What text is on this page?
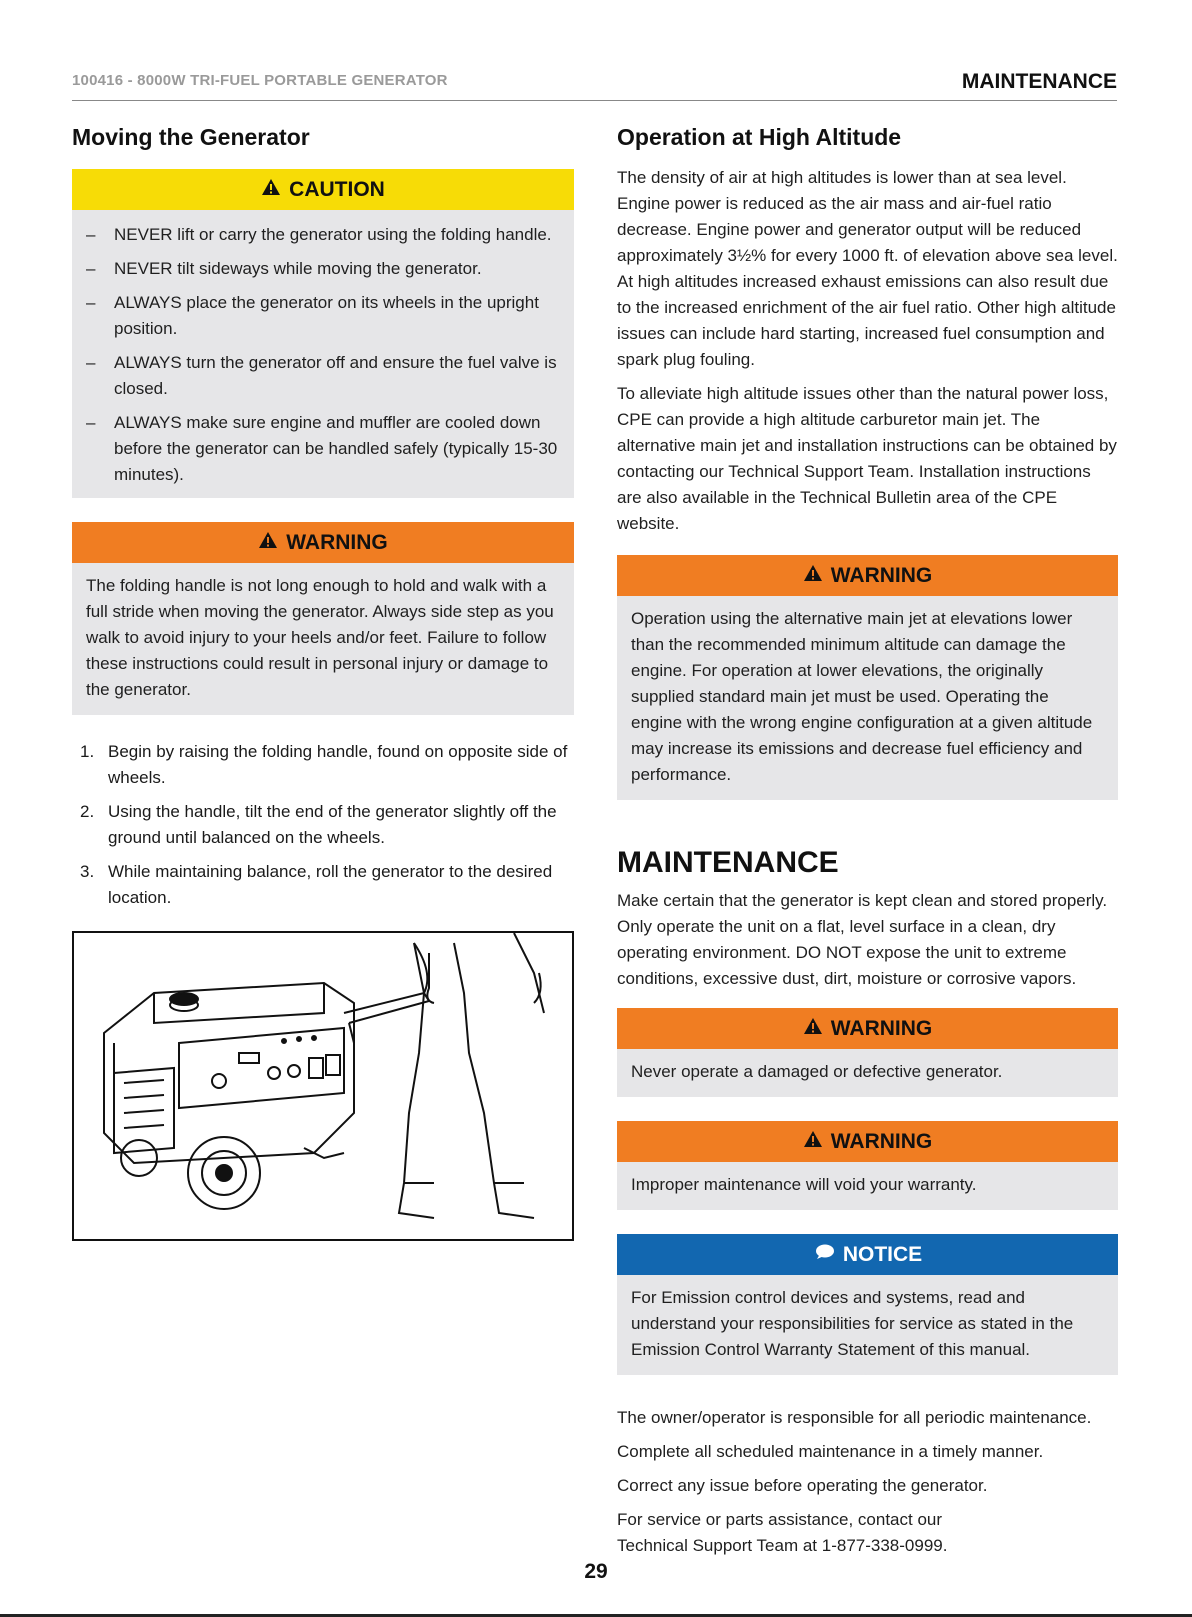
100416 - 8000W TRI-FUEL PORTABLE GENERATOR	MAINTENANCE
Moving the Generator
CAUTION
– NEVER lift or carry the generator using the folding handle.
– NEVER tilt sideways while moving the generator.
– ALWAYS place the generator on its wheels in the upright position.
– ALWAYS turn the generator off and ensure the fuel valve is closed.
– ALWAYS make sure engine and muffler are cooled down before the generator can be handled safely (typically 15-30 minutes).
WARNING
The folding handle is not long enough to hold and walk with a full stride when moving the generator. Always side step as you walk to avoid injury to your heels and/or feet. Failure to follow these instructions could result in personal injury or damage to the generator.
1. Begin by raising the folding handle, found on opposite side of wheels.
2. Using the handle, tilt the end of the generator slightly off the ground until balanced on the wheels.
3. While maintaining balance, roll the generator to the desired location.
Operation at High Altitude

The density of air at high altitudes is lower than at sea level. Engine power is reduced as the air mass and air-fuel ratio decrease. Engine power and generator output will be reduced approximately 3½% for every 1000 ft. of elevation above sea level. At high altitudes increased exhaust emissions can also result due to the increased enrichment of the air fuel ratio. Other high altitude issues can include hard starting, increased fuel consumption and spark plug fouling.

To alleviate high altitude issues other than the natural power loss, CPE can provide a high altitude carburetor main jet. The alternative main jet and installation instructions can be obtained by contacting our Technical Support Team. Installation instructions are also available in the Technical Bulletin area of the CPE website.

WARNING
Operation using the alternative main jet at elevations lower than the recommended minimum altitude can damage the engine. For operation at lower elevations, the originally supplied standard main jet must be used. Operating the engine with the wrong engine configuration at a given altitude may increase its emissions and decrease fuel efficiency and performance.
MAINTENANCE

Make certain that the generator is kept clean and stored properly. Only operate the unit on a flat, level surface in a clean, dry operating environment. DO NOT expose the unit to extreme conditions, excessive dust, dirt, moisture or corrosive vapors.

WARNING
Never operate a damaged or defective generator.
WARNING
Improper maintenance will void your warranty.
NOTICE
For Emission control devices and systems, read and understand your responsibilities for service as stated in the Emission Control Warranty Statement of this manual.

The owner/operator is responsible for all periodic maintenance.

Complete all scheduled maintenance in a timely manner.

Correct any issue before operating the generator.

For service or parts assistance, contact our

Technical Support Team at 1-877-338-0999.

29
